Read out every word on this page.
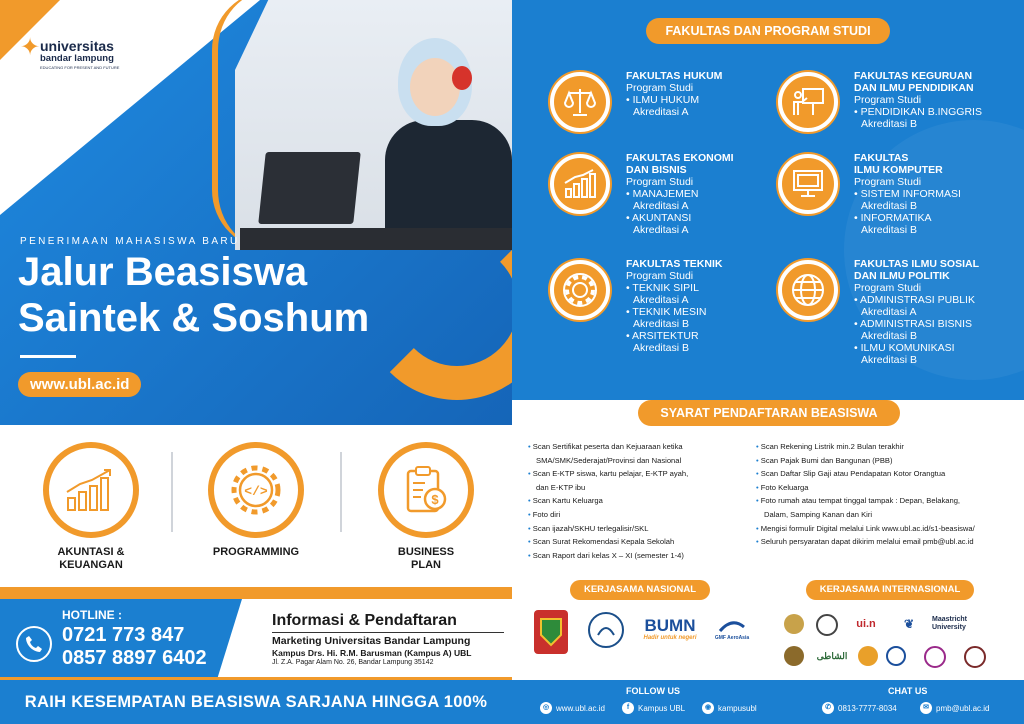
✦ universitas
bandar lampung
EDUCATING FOR PRESENT AND FUTURE
PENERIMAAN MAHASISWA BARU
Jalur Beasiswa
Saintek & Soshum
www.ubl.ac.id
AKUNTASI &
KEUANGAN
</>
PROGRAMMING
$
BUSINESS
PLAN
HOTLINE :
0721 773 847
0857 8897 6402
Informasi & Pendaftaran
Marketing Universitas Bandar Lampung
Kampus Drs. Hi. R.M. Barusman (Kampus A) UBL
Jl. Z.A. Pagar Alam No. 26, Bandar Lampung 35142
RAIH KESEMPATAN BEASISWA SARJANA HINGGA 100%
FAKULTAS DAN PROGRAM STUDI
FAKULTAS HUKUM
Program Studi
• ILMU HUKUM
Akreditasi A
FAKULTAS KEGURUAN
DAN ILMU PENDIDIKAN
Program Studi
• PENDIDIKAN B.INGGRIS
Akreditasi B
FAKULTAS EKONOMI
DAN BISNIS
Program Studi
• MANAJEMEN
Akreditasi A
• AKUNTANSI
Akreditasi A
FAKULTAS
ILMU KOMPUTER
Program Studi
• SISTEM INFORMASI
Akreditasi B
• INFORMATIKA
Akreditasi B
FAKULTAS TEKNIK
Program Studi
• TEKNIK SIPIL
Akreditasi A
• TEKNIK MESIN
Akreditasi B
• ARSITEKTUR
Akreditasi B
FAKULTAS ILMU SOSIAL
DAN ILMU POLITIK
Program Studi
• ADMINISTRASI PUBLIK
Akreditasi A
• ADMINISTRASI BISNIS
Akreditasi B
• ILMU KOMUNIKASI
Akreditasi B
SYARAT PENDAFTARAN BEASISWA
• Scan Sertifikat peserta dan Kejuaraan ketika
SMA/SMK/Sederajat/Provinsi dan Nasional
• Scan E-KTP siswa, kartu pelajar, E-KTP ayah,
dan E-KTP ibu
• Scan Kartu Keluarga
• Foto diri
• Scan ijazah/SKHU terlegalisir/SKL
• Scan Surat Rekomendasi Kepala Sekolah
• Scan Raport dari kelas X – XI (semester 1-4)
• Scan Rekening Listrik min.2 Bulan terakhir
• Scan Pajak Bumi dan Bangunan (PBB)
• Scan Daftar Slip Gaji atau Pendapatan Kotor Orangtua
• Foto Keluarga
• Foto rumah atau tempat tinggal tampak : Depan, Belakang,
Dalam, Samping Kanan dan Kiri
• Mengisi formulir Digital melalui Link www.ubl.ac.id/s1-beasiswa/
• Seluruh persyaratan dapat dikirim melalui email pmb@ubl.ac.id
KERJASAMA NASIONAL	KERJASAMA INTERNASIONAL
BUMN
Hadir untuk negeri	GMF AeroAsia
ui.n	❦	Maastricht University
ﺍﻟﺸﺎﻃﻰ
FOLLOW US	CHAT US
◎ www.ubl.ac.id	f	Kampus UBL	◉ kampusubl	✆ 0813-7777-8034	✉ pmb@ubl.ac.id
